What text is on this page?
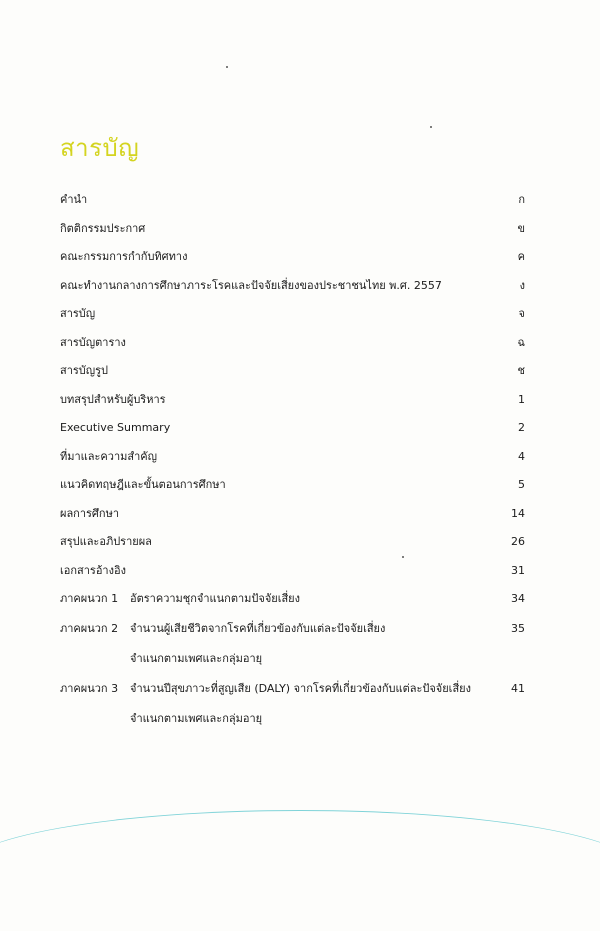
สารบัญ
คำนำ	ก
กิตติกรรมประกาศ	ข
คณะกรรมการกำกับทิศทาง	ค
คณะทำงานกลางการศึกษาภาระโรคและปัจจัยเสี่ยงของประชาชนไทย พ.ศ. 2557	ง
สารบัญ	จ
สารบัญตาราง	ฉ
สารบัญรูป	ช
บทสรุปสำหรับผู้บริหาร	1
Executive Summary	2
ที่มาและความสำคัญ	4
แนวคิดทฤษฎีและขั้นตอนการศึกษา	5
ผลการศึกษา	14
สรุปและอภิปรายผล	26
เอกสารอ้างอิง	31
ภาคผนวก 1 อัตราความชุกจำแนกตามปัจจัยเสี่ยง	34
ภาคผนวก 2 จำนวนผู้เสียชีวิตจากโรคที่เกี่ยวข้องกับแต่ละปัจจัยเสี่ยง	35
จำแนกตามเพศและกลุ่มอายุ
ภาคผนวก 3 จำนวนปีสุขภาวะที่สูญเสีย (DALY) จากโรคที่เกี่ยวข้องกับแต่ละปัจจัยเสี่ยง	41
จำแนกตามเพศและกลุ่มอายุ
